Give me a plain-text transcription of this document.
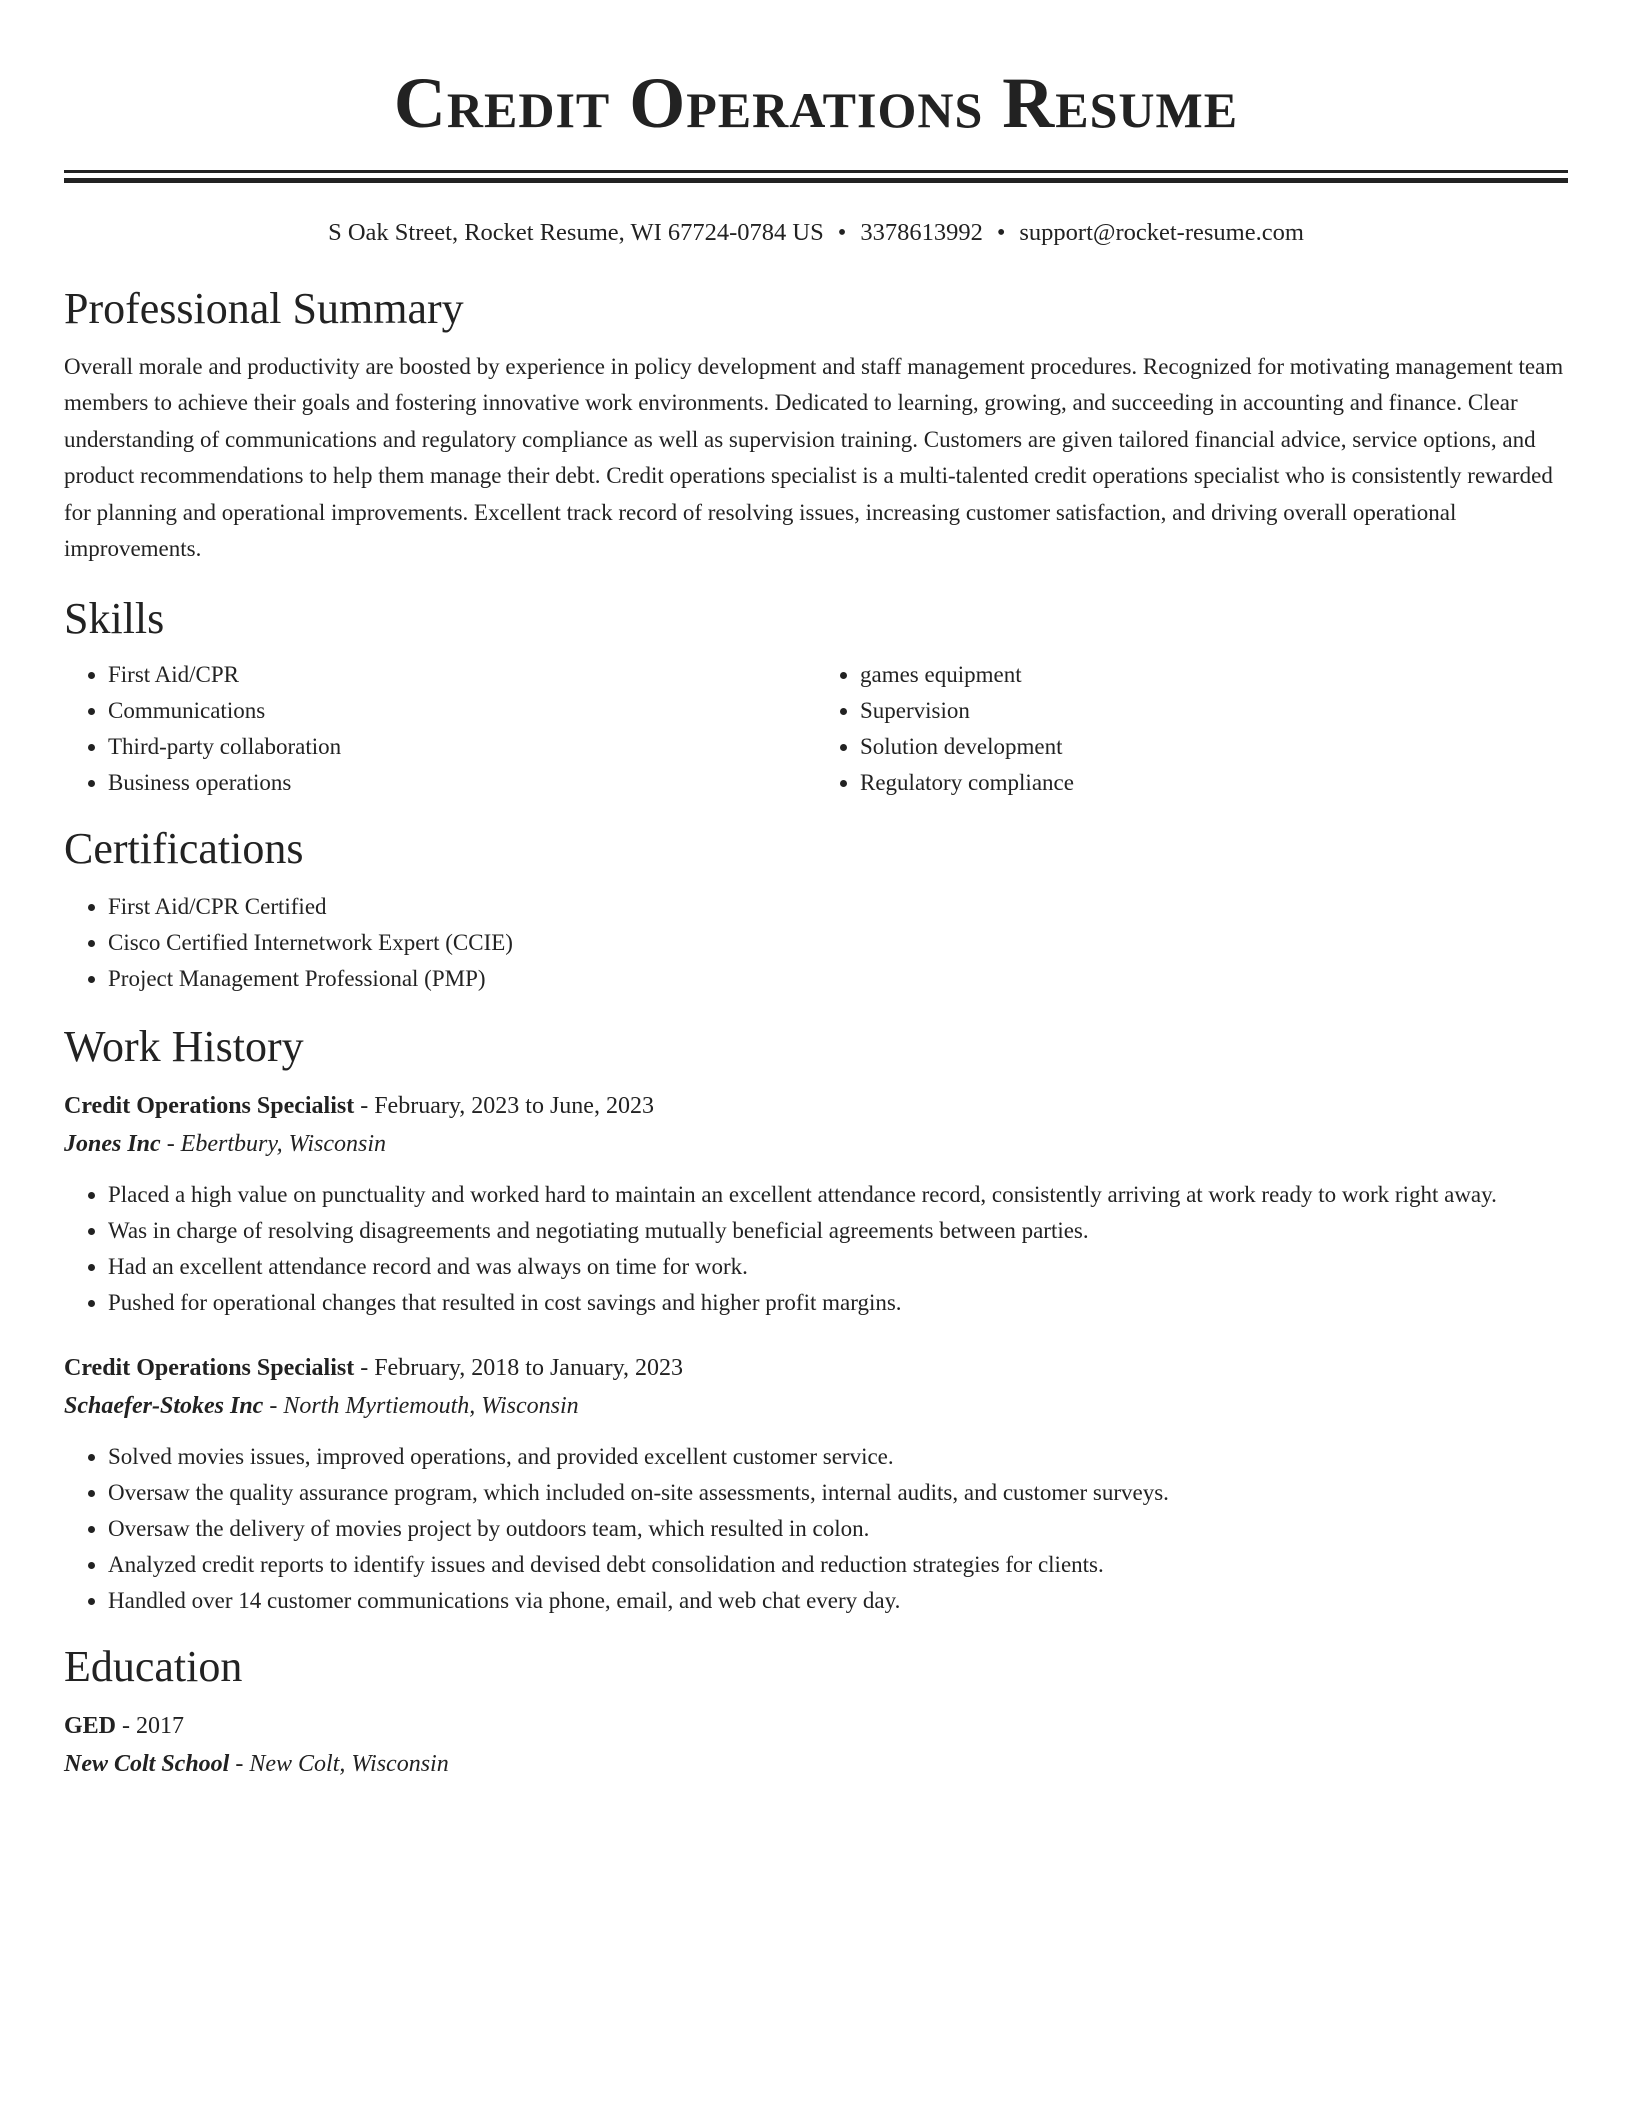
Credit Operations Resume
S Oak Street, Rocket Resume, WI 67724-0784 US • 3378613992 • support@rocket-resume.com
Professional Summary

Overall morale and productivity are boosted by experience in policy development and staff management procedures. Recognized for motivating management team members to achieve their goals and fostering innovative work environments. Dedicated to learning, growing, and succeeding in accounting and finance. Clear understanding of communications and regulatory compliance as well as supervision training. Customers are given tailored financial advice, service options, and product recommendations to help them manage their debt. Credit operations specialist is a multi-talented credit operations specialist who is consistently rewarded for planning and operational improvements. Excellent track record of resolving issues, increasing customer satisfaction, and driving overall operational improvements.

Skills
• First Aid/CPR
• Communications
• Third-party collaboration
• Business operations
• games equipment
• Supervision
• Solution development
• Regulatory compliance
Certifications
• First Aid/CPR Certified
• Cisco Certified Internetwork Expert (CCIE)
• Project Management Professional (PMP)
Work History
Credit Operations Specialist - February, 2023 to June, 2023
Jones Inc - Ebertbury, Wisconsin
• Placed a high value on punctuality and worked hard to maintain an excellent attendance record, consistently arriving at work ready to work right away.
• Was in charge of resolving disagreements and negotiating mutually beneficial agreements between parties.
• Had an excellent attendance record and was always on time for work.
• Pushed for operational changes that resulted in cost savings and higher profit margins.
Credit Operations Specialist - February, 2018 to January, 2023
Schaefer-Stokes Inc - North Myrtiemouth, Wisconsin
• Solved movies issues, improved operations, and provided excellent customer service.
• Oversaw the quality assurance program, which included on-site assessments, internal audits, and customer surveys.
• Oversaw the delivery of movies project by outdoors team, which resulted in colon.
• Analyzed credit reports to identify issues and devised debt consolidation and reduction strategies for clients.
• Handled over 14 customer communications via phone, email, and web chat every day.
Education
GED - 2017
New Colt School - New Colt, Wisconsin
